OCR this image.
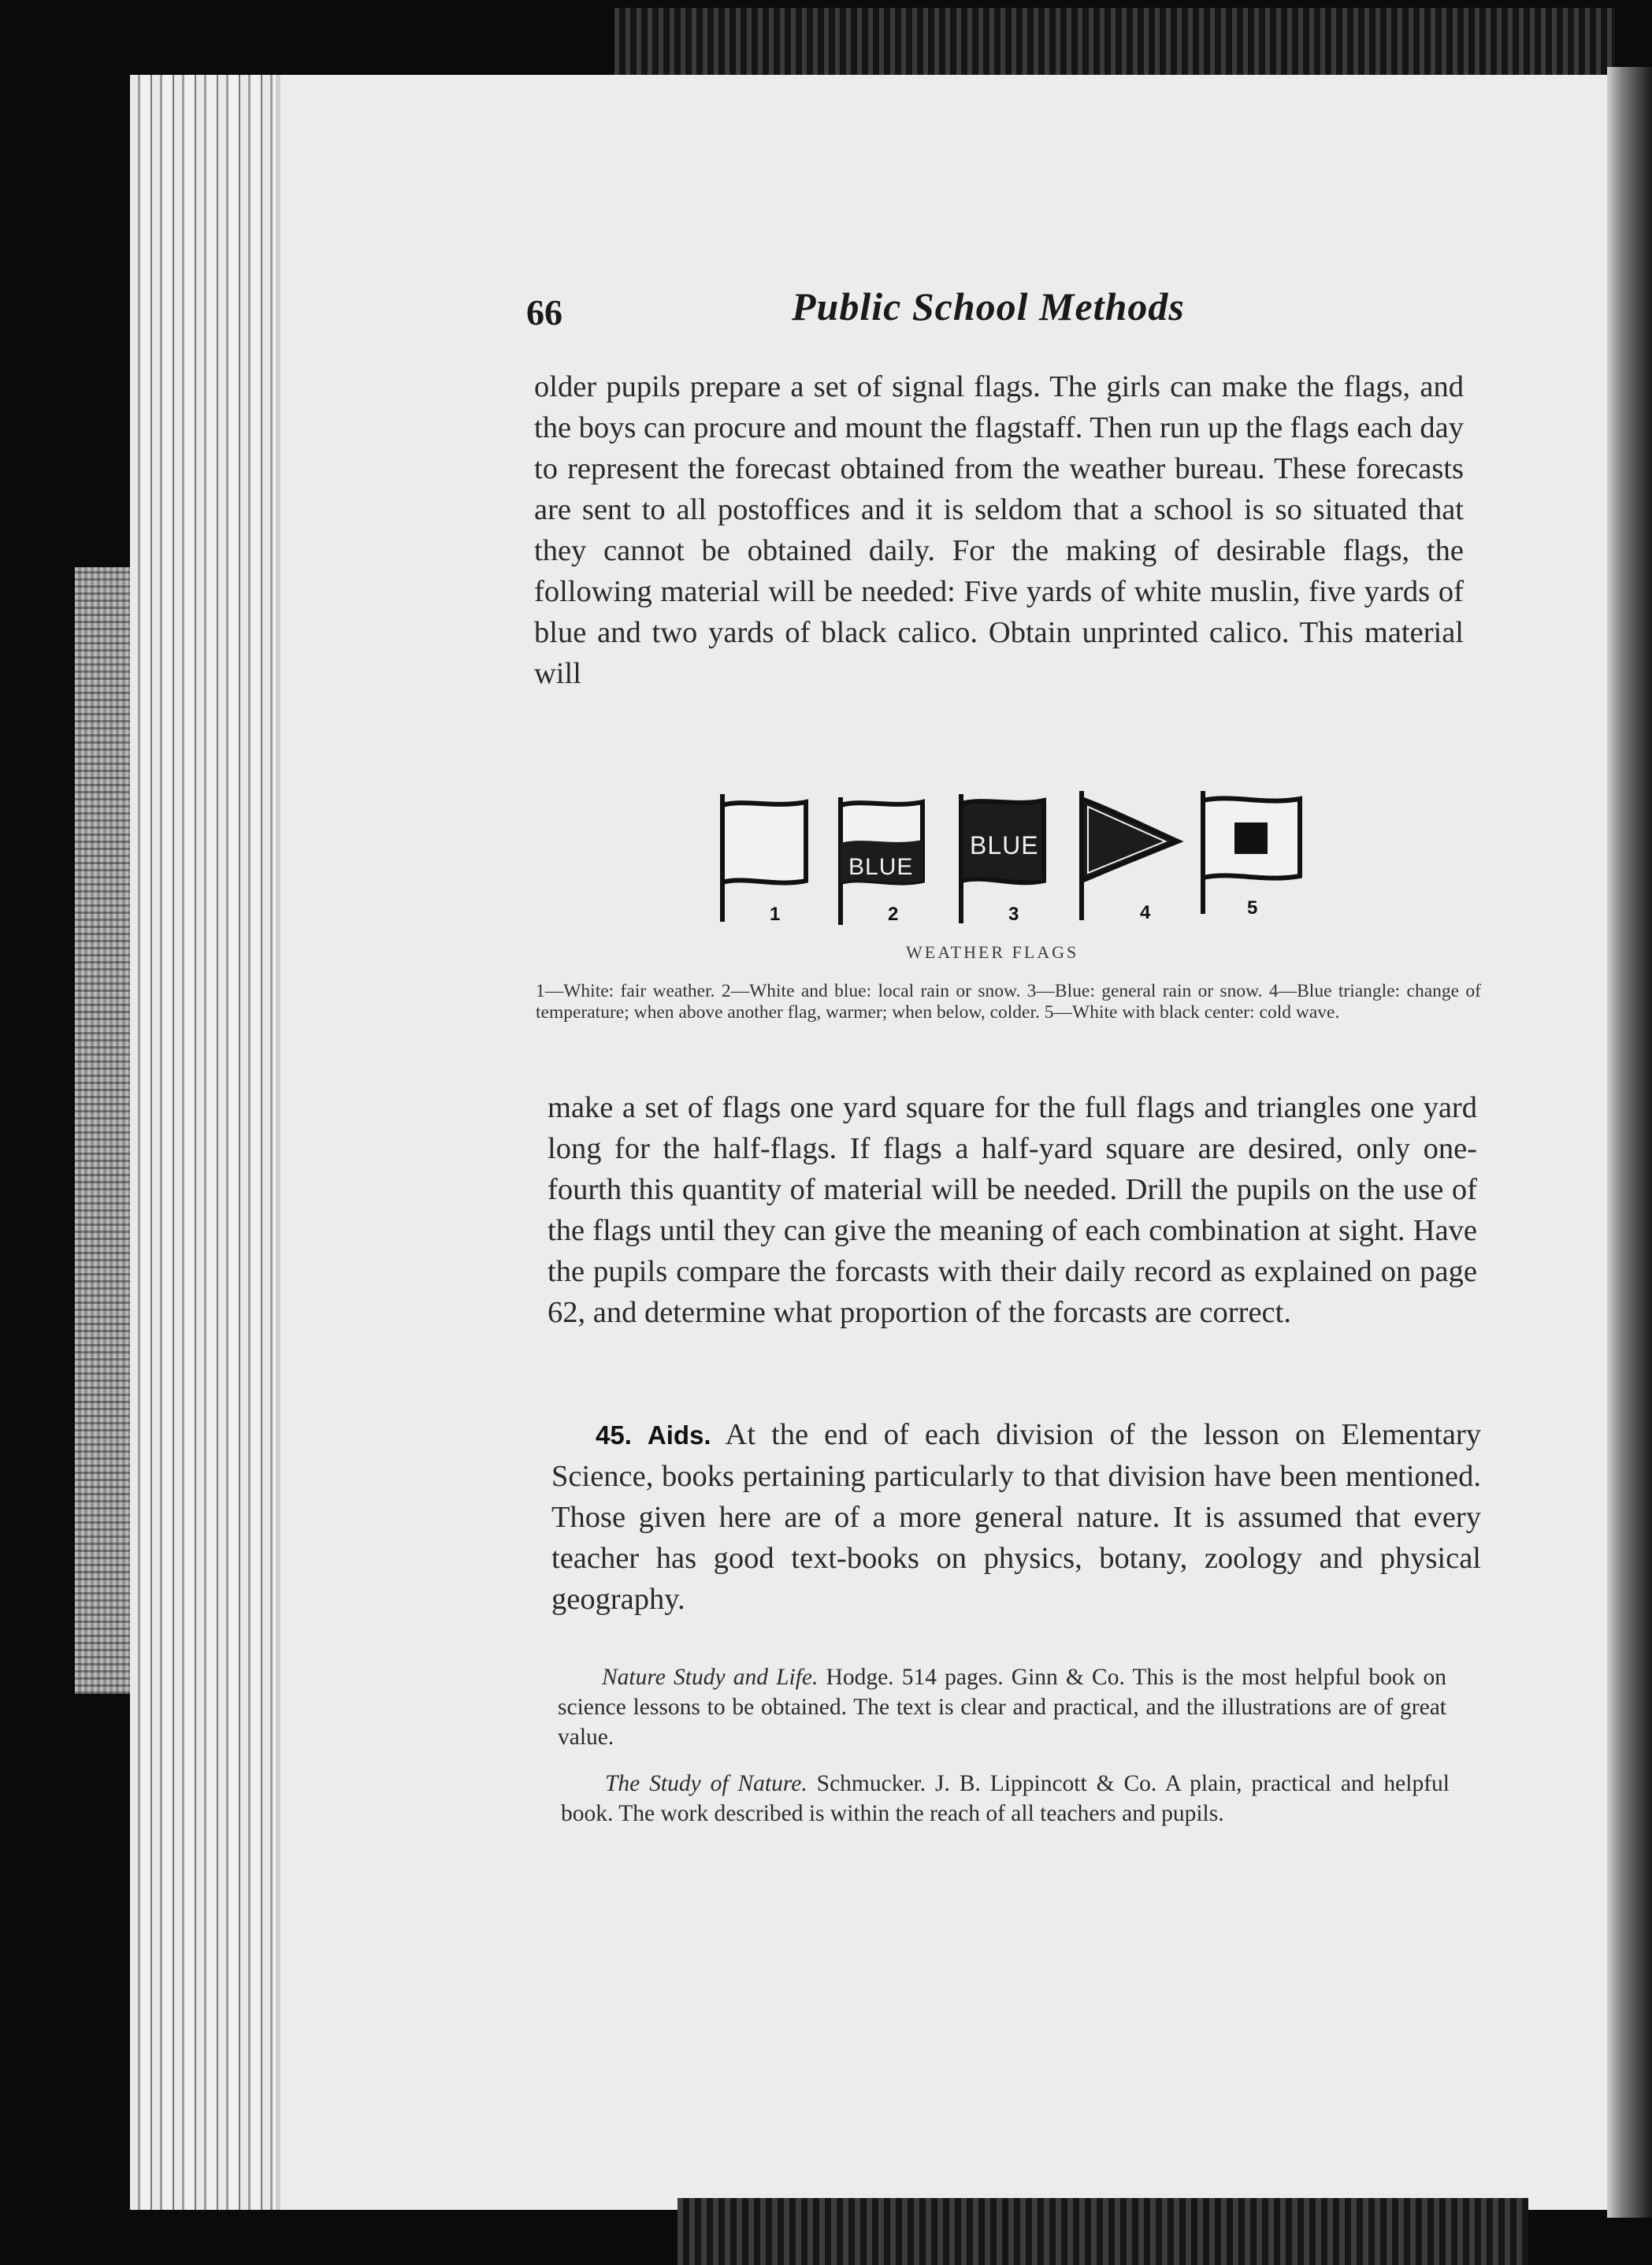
66	Public School Methods

older pupils prepare a set of signal flags. The girls can make the flags, and the boys can procure and mount the flagstaff. Then run up the flags each day to represent the forecast obtained from the weather bureau. These forecasts are sent to all postoffices and it is seldom that a school is so situated that they cannot be obtained daily. For the making of desirable flags, the following material will be needed: Five yards of white muslin, five yards of blue and two yards of black calico. Obtain unprinted calico. This material will

1
BLUE
2
BLUE
3	4	5
WEATHER FLAGS

1—White: fair weather. 2—White and blue: local rain or snow. 3—Blue: general rain or snow. 4—Blue triangle: change of temperature; when above another flag, warmer; when below, colder. 5—White with black center: cold wave.

make a set of flags one yard square for the full flags and triangles one yard long for the half-flags. If flags a half-yard square are desired, only one-fourth this quantity of material will be needed. Drill the pupils on the use of the flags until they can give the meaning of each combination at sight. Have the pupils compare the forcasts with their daily record as explained on page 62, and determine what proportion of the forcasts are correct.

45. Aids. At the end of each division of the lesson on Elementary Science, books pertaining particularly to that division have been mentioned. Those given here are of a more general nature. It is assumed that every teacher has good text-books on physics, botany, zoology and physical geography.

Nature Study and Life. Hodge. 514 pages. Ginn & Co. This is the most helpful book on science lessons to be obtained. The text is clear and practical, and the illustrations are of great value.

The Study of Nature. Schmucker. J. B. Lippincott & Co. A plain, practical and helpful book. The work described is within the reach of all teachers and pupils.
